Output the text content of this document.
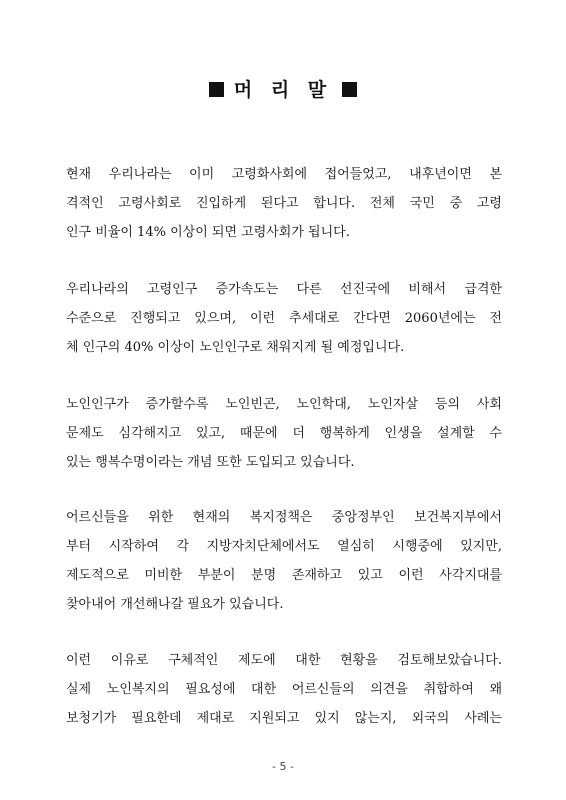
머 리 말
현재 우리나라는 이미 고령화사회에 접어들었고, 내후년이면 본
격적인 고령사회로 진입하게 된다고 합니다. 전체 국민 중 고령
인구 비율이 14% 이상이 되면 고령사회가 됩니다.
우리나라의 고령인구 증가속도는 다른 선진국에 비해서 급격한
수준으로 진행되고 있으며, 이런 추세대로 간다면 2060년에는 전
체 인구의 40% 이상이 노인인구로 채워지게 될 예정입니다.
노인인구가 증가할수록 노인빈곤, 노인학대, 노인자살 등의 사회
문제도 심각해지고 있고, 때문에 더 행복하게 인생을 설계할 수
있는 행복수명이라는 개념 또한 도입되고 있습니다.
어르신들을 위한 현재의 복지정책은 중앙정부인 보건복지부에서
부터 시작하여 각 지방자치단체에서도 열심히 시행중에 있지만,
제도적으로 미비한 부분이 분명 존재하고 있고 이런 사각지대를
찾아내어 개선해나갈 필요가 있습니다.
이런 이유로 구체적인 제도에 대한 현황을 검토해보았습니다.
실제 노인복지의 필요성에 대한 어르신들의 의견을 취합하여 왜
보청기가 필요한데 제대로 지원되고 있지 않는지, 외국의 사례는
- 5 -
